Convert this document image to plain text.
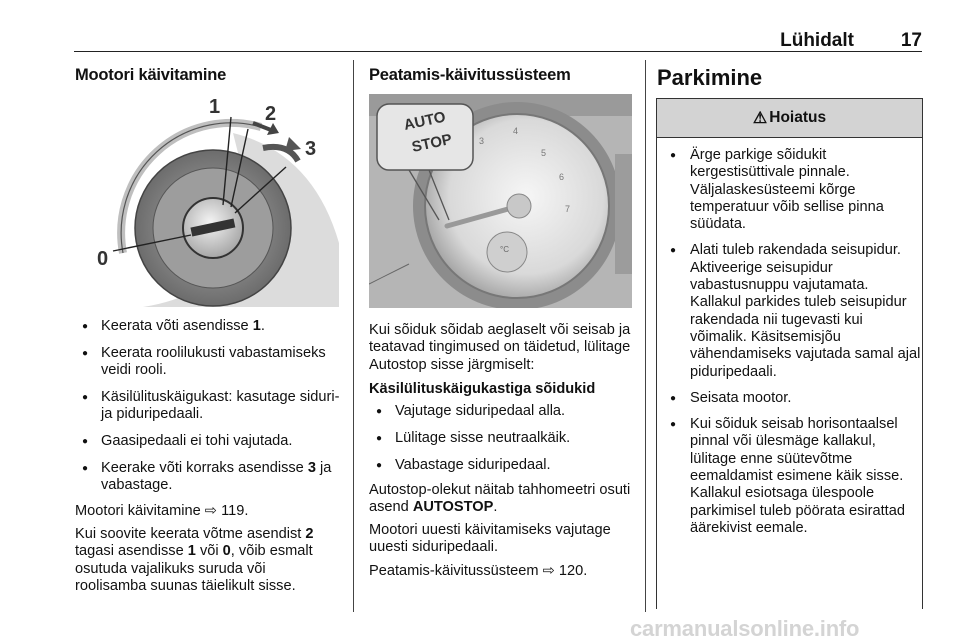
Lühidalt 17
Mootori käivitamine
1 2
3
0
● Keerata võti asendisse 1.
● Keerata roolilukusti vabastamiseks veidi rooli.
● Käsilülituskäigukast: kasutage siduri- ja piduripedaali.
● Gaasipedaali ei tohi vajutada.
● Keerake võti korraks asendisse 3 ja vabastage.

Mootori käivitamine ⇨ 119.

Kui soovite keerata võtme asendist 2 tagasi asendisse 1 või 0, võib esmalt osutuda vajalikuks suruda või roolisamba suunas täielikult sisse.

Peatamis-käivitussüsteem
3
4
5
6
7
°C
AUTO
STOP

Kui sõiduk sõidab aeglaselt või seisab ja teatavad tingimused on täidetud, lülitage Autostop sisse järgmiselt:

Käsilülituskäigukastiga sõidukid

● Vajutage siduripedaal alla.
● Lülitage sisse neutraalkäik.
● Vabastage siduripedaal.

Autostop-olekut näitab tahhomeetri osuti asend AUTOSTOP.

Mootori uuesti käivitamiseks vajutage uuesti siduripedaali.

Peatamis-käivitussüsteem ⇨ 120.

Parkimine
⚠ Hoiatus
● Ärge parkige sõidukit kergestisüttivale pinnale. Väljalaskesüsteemi kõrge temperatuur võib sellise pinna süüdata.
● Alati tuleb rakendada seisupidur. Aktiveerige seisupidur vabastusnuppu vajutamata. Kallakul parkides tuleb seisupidur rakendada nii tugevasti kui võimalik. Käsitsemisjõu vähendamiseks vajutada samal ajal piduripedaali.
● Seisata mootor.
● Kui sõiduk seisab horisontaalsel pinnal või ülesmäge kallakul, lülitage enne süütevõtme eemaldamist esimene käik sisse. Kallakul esiotsaga ülespoole parkimisel tuleb pöörata esirattad äärekivist eemale.
carmanualsonline.info
